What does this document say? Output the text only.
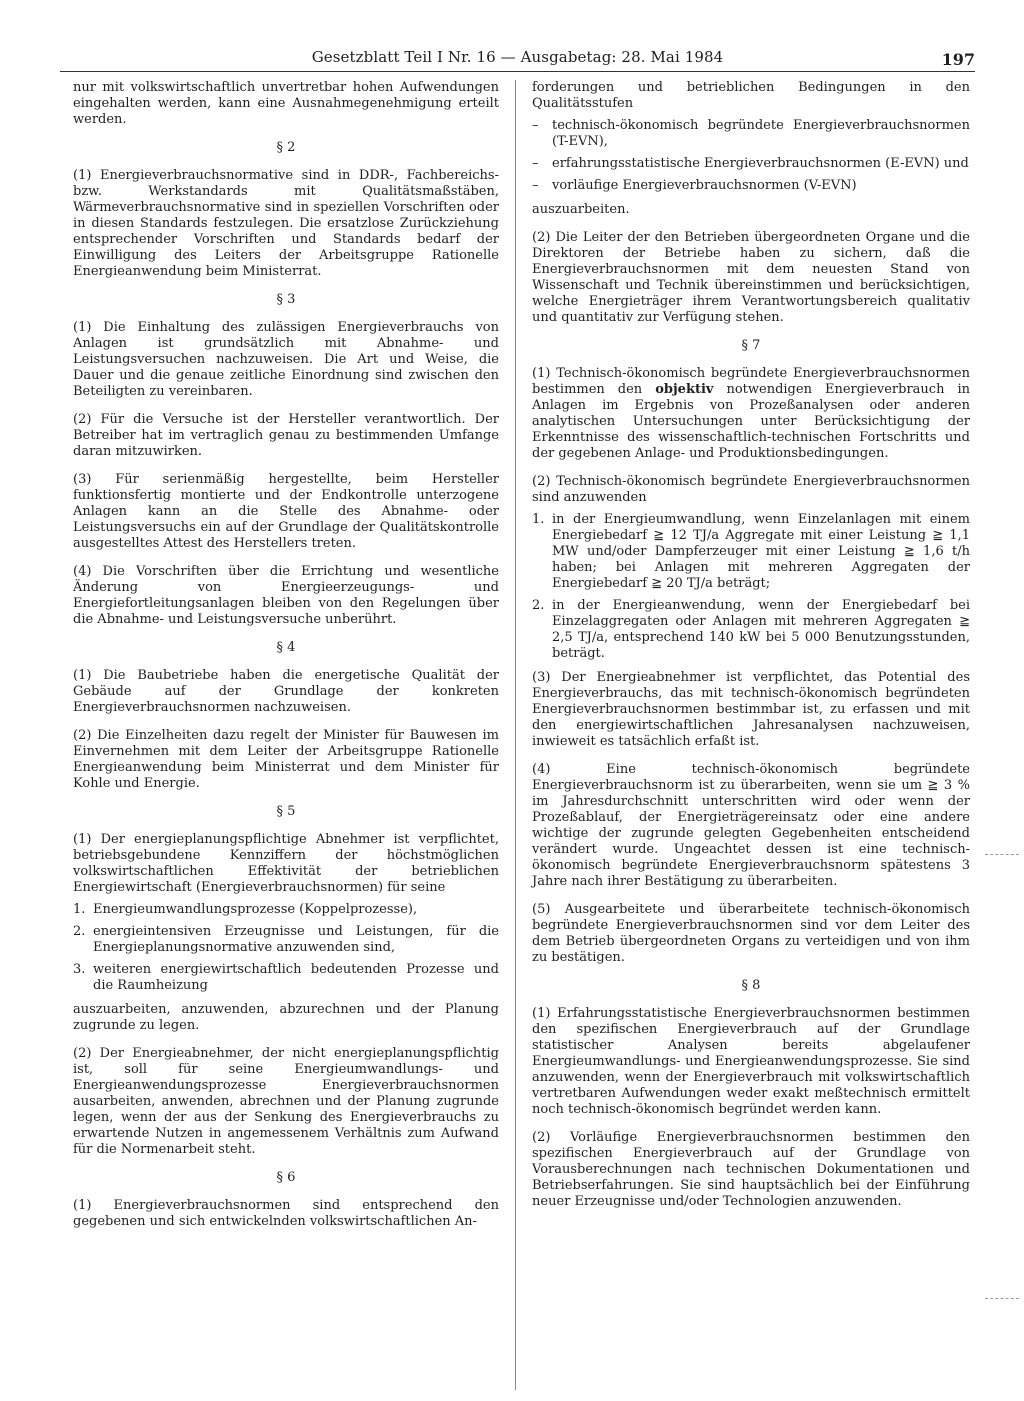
Gesetzblatt Teil I Nr. 16 — Ausgabetag: 28. Mai 1984	197

nur mit volkswirtschaftlich unvertretbar hohen Aufwendungen eingehalten werden, kann eine Ausnahmegenehmigung erteilt werden.

§ 2

(1) Energieverbrauchsnormative sind in DDR-, Fachbereichs- bzw. Werkstandards mit Qualitätsmaßstäben, Wärmeverbrauchsnormative sind in speziellen Vorschriften oder in diesen Standards festzulegen. Die ersatzlose Zurückziehung entsprechender Vorschriften und Standards bedarf der Einwilligung des Leiters der Arbeitsgruppe Rationelle Energieanwendung beim Ministerrat.

§ 3

(1) Die Einhaltung des zulässigen Energieverbrauchs von Anlagen ist grundsätzlich mit Abnahme- und Leistungsversuchen nachzuweisen. Die Art und Weise, die Dauer und die genaue zeitliche Einordnung sind zwischen den Beteiligten zu vereinbaren.

(2) Für die Versuche ist der Hersteller verantwortlich. Der Betreiber hat im vertraglich genau zu bestimmenden Umfange daran mitzuwirken.

(3) Für serienmäßig hergestellte, beim Hersteller funktionsfertig montierte und der Endkontrolle unterzogene Anlagen kann an die Stelle des Abnahme- oder Leistungsversuchs ein auf der Grundlage der Qualitätskontrolle ausgestelltes Attest des Herstellers treten.

(4) Die Vorschriften über die Errichtung und wesentliche Änderung von Energieerzeugungs- und Energiefortleitungsanlagen bleiben von den Regelungen über die Abnahme- und Leistungsversuche unberührt.

§ 4

(1) Die Baubetriebe haben die energetische Qualität der Gebäude auf der Grundlage der konkreten Energieverbrauchsnormen nachzuweisen.

(2) Die Einzelheiten dazu regelt der Minister für Bauwesen im Einvernehmen mit dem Leiter der Arbeitsgruppe Rationelle Energieanwendung beim Ministerrat und dem Minister für Kohle und Energie.

§ 5

(1) Der energieplanungspflichtige Abnehmer ist verpflichtet, betriebsgebundene Kennziffern der höchstmöglichen volkswirtschaftlichen Effektivität der betrieblichen Energiewirtschaft (Energieverbrauchsnormen) für seine

1. Energieumwandlungsprozesse (Koppelprozesse),
2. energieintensiven Erzeugnisse und Leistungen, für die Energieplanungsnormative anzuwenden sind,
3. weiteren energiewirtschaftlich bedeutenden Prozesse und die Raumheizung

auszuarbeiten, anzuwenden, abzurechnen und der Planung zugrunde zu legen.

(2) Der Energieabnehmer, der nicht energieplanungspflichtig ist, soll für seine Energieumwandlungs- und Energieanwendungsprozesse Energieverbrauchsnormen ausarbeiten, anwenden, abrechnen und der Planung zugrunde legen, wenn der aus der Senkung des Energieverbrauchs zu erwartende Nutzen in angemessenem Verhältnis zum Aufwand für die Normenarbeit steht.

§ 6

(1) Energieverbrauchsnormen sind entsprechend den gegebenen und sich entwickelnden volkswirtschaftlichen An-

forderungen und betrieblichen Bedingungen in den Qualitätsstufen

– technisch-ökonomisch begründete Energieverbrauchsnormen (T-EVN),
– erfahrungsstatistische Energieverbrauchsnormen (E-EVN) und
– vorläufige Energieverbrauchsnormen (V-EVN)

auszuarbeiten.

(2) Die Leiter der den Betrieben übergeordneten Organe und die Direktoren der Betriebe haben zu sichern, daß die Energieverbrauchsnormen mit dem neuesten Stand von Wissenschaft und Technik übereinstimmen und berücksichtigen, welche Energieträger ihrem Verantwortungsbereich qualitativ und quantitativ zur Verfügung stehen.

§ 7

(1) Technisch-ökonomisch begründete Energieverbrauchsnormen bestimmen den objektiv notwendigen Energieverbrauch in Anlagen im Ergebnis von Prozeßanalysen oder anderen analytischen Untersuchungen unter Berücksichtigung der Erkenntnisse des wissenschaftlich-technischen Fortschritts und der gegebenen Anlage- und Produktionsbedingungen.

(2) Technisch-ökonomisch begründete Energieverbrauchsnormen sind anzuwenden

1. in der Energieumwandlung, wenn Einzelanlagen mit einem Energiebedarf ≧ 12 TJ/a Aggregate mit einer Leistung ≧ 1,1 MW und/oder Dampferzeuger mit einer Leistung ≧ 1,6 t/h haben; bei Anlagen mit mehreren Aggregaten der Energiebedarf ≧ 20 TJ/a beträgt;
2. in der Energieanwendung, wenn der Energiebedarf bei Einzelaggregaten oder Anlagen mit mehreren Aggregaten ≧ 2,5 TJ/a, entsprechend 140 kW bei 5 000 Benutzungsstunden, beträgt.

(3) Der Energieabnehmer ist verpflichtet, das Potential des Energieverbrauchs, das mit technisch-ökonomisch begründeten Energieverbrauchsnormen bestimmbar ist, zu erfassen und mit den energiewirtschaftlichen Jahresanalysen nachzuweisen, inwieweit es tatsächlich erfaßt ist.

(4) Eine technisch-ökonomisch begründete Energieverbrauchsnorm ist zu überarbeiten, wenn sie um ≧ 3 % im Jahresdurchschnitt unterschritten wird oder wenn der Prozeßablauf, der Energieträgereinsatz oder eine andere wichtige der zugrunde gelegten Gegebenheiten entscheidend verändert wurde. Ungeachtet dessen ist eine technisch-ökonomisch begründete Energieverbrauchsnorm spätestens 3 Jahre nach ihrer Bestätigung zu überarbeiten.

(5) Ausgearbeitete und überarbeitete technisch-ökonomisch begründete Energieverbrauchsnormen sind vor dem Leiter des dem Betrieb übergeordneten Organs zu verteidigen und von ihm zu bestätigen.

§ 8

(1) Erfahrungsstatistische Energieverbrauchsnormen bestimmen den spezifischen Energieverbrauch auf der Grundlage statistischer Analysen bereits abgelaufener Energieumwandlungs- und Energieanwendungsprozesse. Sie sind anzuwenden, wenn der Energieverbrauch mit volkswirtschaftlich vertretbaren Aufwendungen weder exakt meßtechnisch ermittelt noch technisch-ökonomisch begründet werden kann.

(2) Vorläufige Energieverbrauchsnormen bestimmen den spezifischen Energieverbrauch auf der Grundlage von Vorausberechnungen nach technischen Dokumentationen und Betriebserfahrungen. Sie sind hauptsächlich bei der Einführung neuer Erzeugnisse und/oder Technologien anzuwenden.
